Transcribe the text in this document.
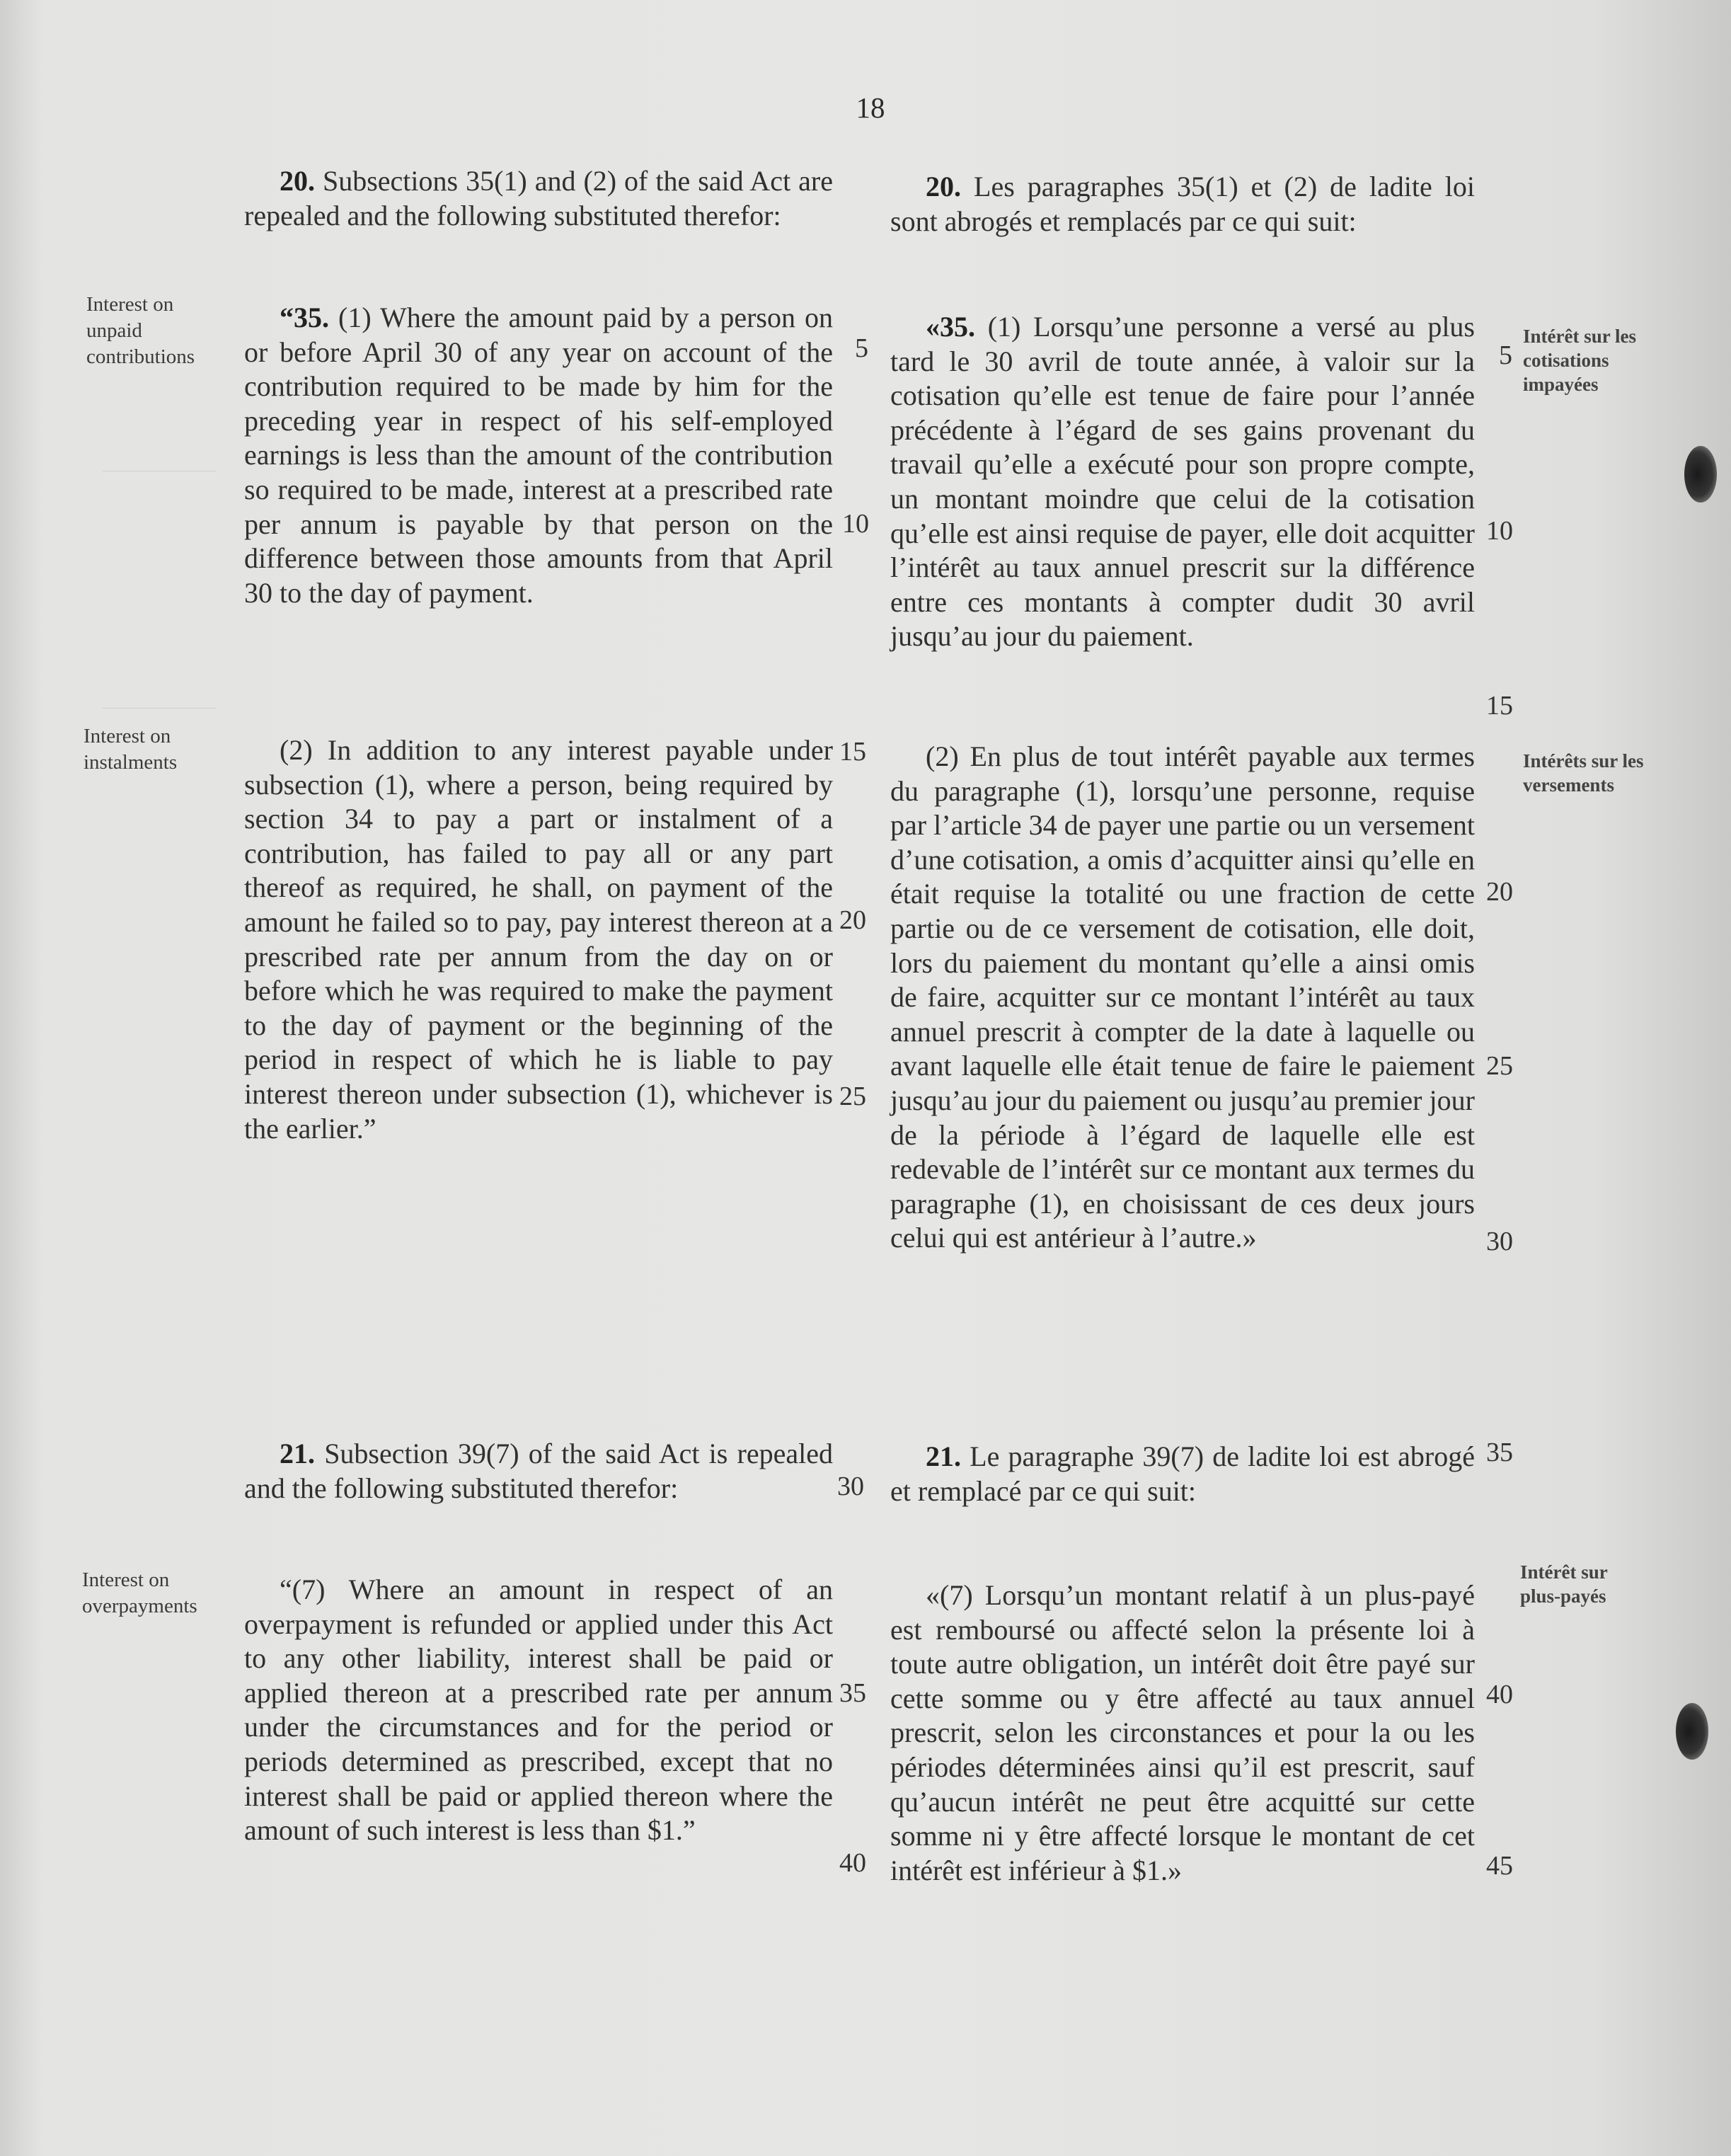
18
Interest on unpaid contributions
Interest on instalments
Interest on overpayments

20. Subsections 35(1) and (2) of the said Act are repealed and the following substituted therefor:

“35. (1) Where the amount paid by a person on or before April 30 of any year on account of the contribution required to be made by him for the preceding year in respect of his self-employed earnings is less than the amount of the contribution so required to be made, interest at a prescribed rate per annum is payable by that person on the difference between those amounts from that April 30 to the day of payment.

(2) In addition to any interest payable under subsection (1), where a person, being required by section 34 to pay a part or instalment of a contribution, has failed to pay all or any part thereof as required, he shall, on payment of the amount he failed so to pay, pay interest thereon at a prescribed rate per annum from the day on or before which he was required to make the payment to the day of payment or the beginning of the period in respect of which he is liable to pay interest thereon under subsection (1), whichever is the earlier.”

21. Subsection 39(7) of the said Act is repealed and the following substituted therefor:

“(7) Where an amount in respect of an overpayment is refunded or applied under this Act to any other liability, interest shall be paid or applied thereon at a prescribed rate per annum under the circumstances and for the period or periods determined as prescribed, except that no interest shall be paid or applied thereon where the amount of such interest is less than $1.”

5
10
15
20
25
30
35
40

20. Les paragraphes 35(1) et (2) de ladite loi sont abrogés et remplacés par ce qui suit:

«35. (1) Lorsqu’une personne a versé au plus tard le 30 avril de toute année, à valoir sur la cotisation qu’elle est tenue de faire pour l’année précédente à l’égard de ses gains provenant du travail qu’elle a exécuté pour son propre compte, un montant moindre que celui de la cotisation qu’elle est ainsi requise de payer, elle doit acquitter l’intérêt au taux annuel prescrit sur la différence entre ces montants à compter dudit 30 avril jusqu’au jour du paiement.

(2) En plus de tout intérêt payable aux termes du paragraphe (1), lorsqu’une personne, requise par l’article 34 de payer une partie ou un versement d’une cotisation, a omis d’acquitter ainsi qu’elle en était requise la totalité ou une fraction de cette partie ou de ce versement de cotisation, elle doit, lors du paiement du montant qu’elle a ainsi omis de faire, acquitter sur ce montant l’intérêt au taux annuel prescrit à compter de la date à laquelle ou avant laquelle elle était tenue de faire le paiement jusqu’au jour du paiement ou jusqu’au premier jour de la période à l’égard de laquelle elle est redevable de l’intérêt sur ce montant aux termes du paragraphe (1), en choisissant de ces deux jours celui qui est antérieur à l’autre.»

21. Le paragraphe 39(7) de ladite loi est abrogé et remplacé par ce qui suit:

«(7) Lorsqu’un montant relatif à un plus-payé est remboursé ou affecté selon la présente loi à toute autre obligation, un intérêt doit être payé sur cette somme ou y être affecté au taux annuel prescrit, selon les circonstances et pour la ou les périodes déterminées ainsi qu’il est prescrit, sauf qu’aucun intérêt ne peut être acquitté sur cette somme ni y être affecté lorsque le montant de cet intérêt est inférieur à $1.»

5
10
15
20
25
30
35
40
45
Intérêt sur les cotisations impayées
Intérêts sur les versements
Intérêt sur plus-payés
